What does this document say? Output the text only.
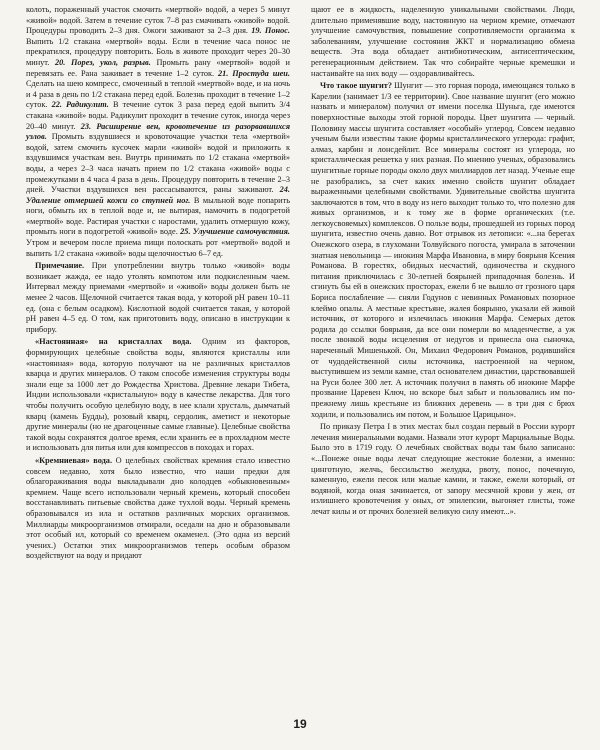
колоть, пораженный участок смочить «мертвой» водой, а через 5 минут «живой» водой. Затем в течение суток 7–8 раз смачивать «живой» водой. Процедуры проводить 2–3 дня. Ожоги заживают за 2–3 дня. 19. Понос. Выпить 1/2 стакана «мертвой» воды. Если в течение часа понос не прекратился, процедуру повторить. Боль в животе проходит через 20–30 минут. 20. Порез, укол, разрыв. Промыть рану «мертвой» водой и перевязать ее. Рана заживает в течение 1–2 суток. 21. Простуда шеи. Сделать на шею компресс, смоченный в теплой «мертвой» воде, и на ночь и 4 раза в день по 1/2 стакана перед едой. Болезнь проходит в течение 1–2 суток. 22. Радикулит. В течение суток 3 раза перед едой выпить 3/4 стакана «живой» воды. Радикулит проходит в течение суток, иногда через 20–40 минут. 23. Расширение вен, кровотечение из разорвавшихся узлов. Промыть вздувшиеся и кровоточащие участки тела «мертвой» водой, затем смочить кусочек марли «живой» водой и приложить к вздувшимся участкам вен. Внутрь принимать по 1/2 стакана «мертвой» воды, а через 2–3 часа начать прием по 1/2 стакана «живой» воды с промежутками в 4 часа 4 раза в день. Процедуру повторить в течение 2–3 дней. Участки вздувшихся вен рассасываются, раны заживают. 24. Удаление отмершей кожи со ступней ног. В мыльной воде попарить ноги, обмыть их в теплой воде и, не вытирая, намочить в подогретой «мертвой» воде. Растирая участки с наростами, удалить отмершую кожу, промыть ноги в подогретой «живой» воде. 25. Улучшение самочувствия. Утром и вечером после приема пищи полоскать рот «мертвой» водой и выпить 1/2 стакана «живой» воды щелочностью 6–7 ед.

Примечание. При употреблении внутрь только «живой» воды возникает жажда, ее надо утолять компотом или подкисленным чаем. Интервал между приемами «мертвой» и «живой» воды должен быть не менее 2 часов. Щелочной считается такая вода, у которой pH равен 10–11 ед. (она с белым осадком). Кислотной водой считается такая, у которой pH равен 4–5 ед. О том, как приготовить воду, описано в инструкции к прибору.

«Настоянная» на кристаллах вода. Одним из факторов, формирующих целебные свойства воды, являются кристаллы или «настоянная» вода, которую получают на не различных кристаллов кварца и других минералов. О таком способе изменения структуры воды знали еще за 1000 лет до Рождества Христова. Древние лекари Тибета, Индии использовали «кристальную» воду в качестве лекарства. Для того чтобы получить особую целебную воду, в нее клали хрусталь, дымчатый кварц (камень Будды), розовый кварц, сердолик, аметист и некоторые другие минералы (но не драгоценные самые главные). Целебные свойства такой воды сохранятся долгое время, если хранить ее в прохладном месте и использовать для питья или для компрессов в походах и горах.

«Кремниевая» вода. О целебных свойствах кремния стало известно совсем недавно, хотя было известно, что наши предки для облагораживания воды выкладывали дно колодцев «обыкновенным» кремнем. Чаще всего использовали черный кремень, который способен восстанавливать питьевые свойства даже тухлой воды. Черный кремень образовывался из ила и остатков различных морских организмов. Миллиарды микроорганизмов отмирали, оседали на дно и образовывали этот особый ил, который со временем окаменел. (Это одна из версий учених.) Остатки этих микроорганизмов теперь особым образом воздействуют на воду и придают

щают ее в жидкость, наделенную уникальными свойствами. Люди, длительно применявшие воду, настоянную на черном кремне, отмечают улучшение самочувствия, повышение сопротивляемости организма к заболеваниям, улучшение состояния ЖКТ и нормализацию обмена веществ. Эта вода обладает антибиотическим, антисептическим, регенерационным действием. Так что собирайте черные кремешки и настаивайте на них воду — оздоравливайтесь.

Что такое шунгит? Шунгит — это горная порода, имеющаяся только в Карелии (занимает 1/3 ее территории). Свое название шунгит (его можно назвать и минералом) получил от имени поселка Шуньга, где имеются поверхностные выходы этой горной породы. Цвет шунгита — черный. Половину массы шунгита составляет «особый» углерод. Совсем недавно ученым были известны такие формы кристаллического углерода: графит, алмаз, карбин и лонсдейлит. Все минералы состоят из углерода, но кристаллическая решетка у них разная. По мнению ученых, образовались шунгитные горные породы около двух миллиардов лет назад. Ученые еще не разобрались, за счет каких именно свойств шунгит обладает выраженными целебными свойствами. Удивительные свойства шунгита заключаются в том, что в воду из него выходит только то, что полезно для живых организмов, и к тому же в форме органических (т.е. легкоусвояемых) комплексов. О пользе воды, прошедшей из горных пород шунгита, известно очень давно. Вот отрывок из летописи: «...на берегах Онежского озера, в глухомани Толвуйского погоста, умирала в заточении знатная невольница — инокиня Марфа Ивановна, в миру боярыня Ксения Романова. В горестях, обидных несчастий, одиночества и скудного питания приключилась с 30-летней боярыней припадочная болезнь. И сгинуть бы ей в онежских просторах, ежели б не вышло от грозного царя Бориса послабление — сняли Годунов с невинных Романовых позорное клеймо опалы. А местные крестьяне, жалея боярыню, указали ей живой источник, от которого и излечилась инокиня Марфа. Семерых деток родила до ссылки боярыня, да все они померли во младенчестве, а уж после звонкой воды исцеления от недугов и принесла она сыночка, нареченный Мишенькой. Он, Михаил Федорович Романов, родившийся от чудодейственной силы источника, настроенной на черном, выступившем из земли камне, стал основателем династии, царствовавшей на Руси более 300 лет. А источник получил в память об инокине Марфе прозвание Царевен Ключ, но вскоре был забыт и пользовались им по-прежнему лишь крестьяне из ближних деревень — в три дня с брюх ходили, и пользовались им потом, и Большое Царицыно».

По приказу Петра I в этих местах был создан первый в России курорт лечения минеральными водами. Назвали этот курорт Марциальные Воды. Было это в 1719 году. О лечебных свойствах воды там было записано: «...Понеже оные воды лечат следующие жестокие болезни, а именно: цинготную, желчь, бессильство желудка, рвоту, понос, почечную, каменную, ежели песок или малые камни, и также, ежели который, от водяной, когда оная зачинается, от запору месячной крови у жен, от излишнего кровотечения у оных, от эпилепсии, выгоняет глисты, тоже лечат килы и от прочих болезней великую силу имеют...».

19
